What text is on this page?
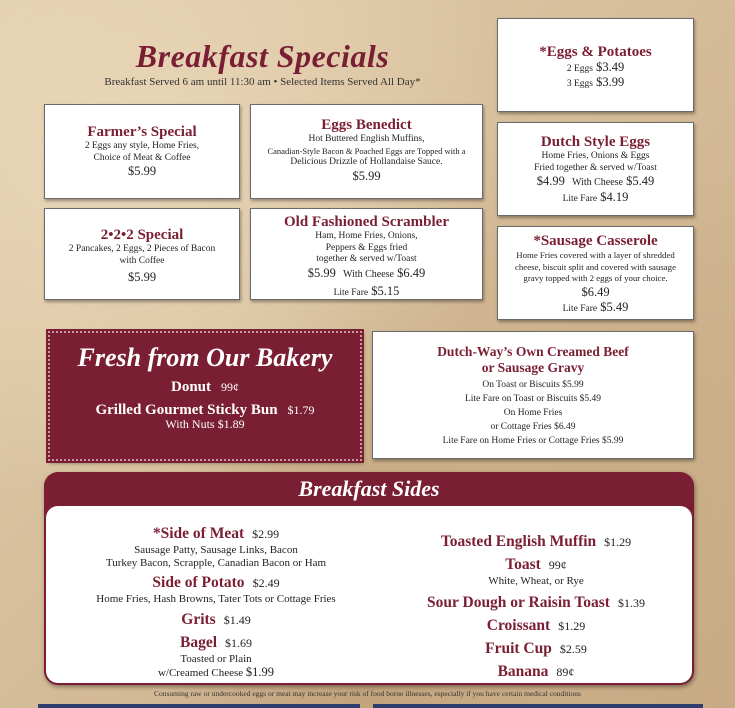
Breakfast Specials
Breakfast Served 6 am until 11:30 am • Selected Items Served All Day*
*Eggs & Potatoes
2 Eggs $3.49
3 Eggs $3.99
Farmer’s Special
2 Eggs any style, Home Fries,
Choice of Meat & Coffee
$5.99
Eggs Benedict
Hot Buttered English Muffins,
Canadian-Style Bacon & Poached Eggs are Topped with a
Delicious Drizzle of Hollandaise Sauce.
$5.99
Dutch Style Eggs
Home Fries, Onions & Eggs
Fried together & served w/Toast
$4.99 With Cheese $5.49
Lite Fare $4.19
2•2•2 Special
2 Pancakes, 2 Eggs, 2 Pieces of Bacon
with Coffee
$5.99
Old Fashioned Scrambler
Ham, Home Fries, Onions,
Peppers & Eggs fried
together & served w/Toast
$5.99 With Cheese $6.49
Lite Fare $5.15
*Sausage Casserole
Home Fries covered with a layer of shredded
cheese, biscuit split and covered with sausage
gravy topped with 2 eggs of your choice.
$6.49
Lite Fare $5.49
Fresh from Our Bakery
Donut 99¢
Grilled Gourmet Sticky Bun $1.79
With Nuts $1.89
Dutch-Way’s Own Creamed Beef
or Sausage Gravy
On Toast or Biscuits $5.99
Lite Fare on Toast or Biscuits $5.49
On Home Fries
or Cottage Fries $6.49
Lite Fare on Home Fries or Cottage Fries $5.99
Breakfast Sides
*Side of Meat $2.99
Sausage Patty, Sausage Links, Bacon
Turkey Bacon, Scrapple, Canadian Bacon or Ham
Side of Potato $2.49
Home Fries, Hash Browns, Tater Tots or Cottage Fries
Grits $1.49
Bagel $1.69
Toasted or Plain
w/Creamed Cheese $1.99
Toasted English Muffin $1.29
Toast 99¢
White, Wheat, or Rye
Sour Dough or Raisin Toast $1.39
Croissant $1.29
Fruit Cup $2.59
Banana 89¢
Consuming raw or undercooked eggs or meat may increase your risk of food borne illnesses, especially if you have certain medical conditions
